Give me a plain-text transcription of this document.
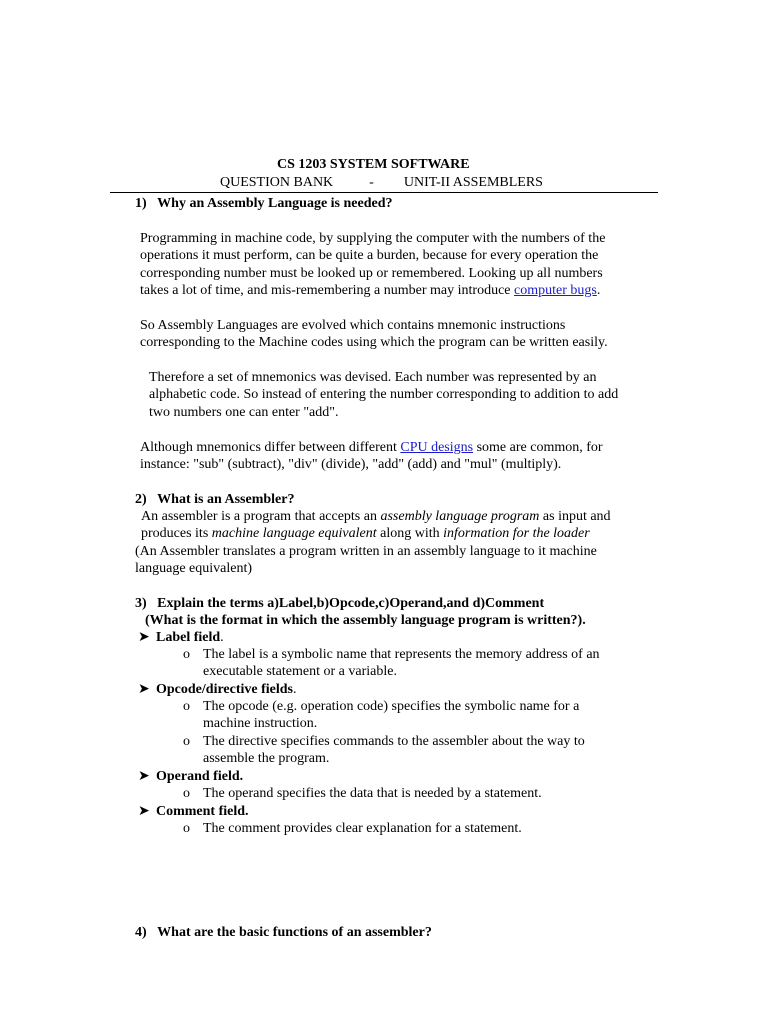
CS 1203 SYSTEM SOFTWARE
QUESTION BANK	- UNIT-II ASSEMBLERS
1) Why an Assembly Language is needed?
Programming in machine code, by supplying the computer with the numbers of the
operations it must perform, can be quite a burden, because for every operation the
corresponding number must be looked up or remembered. Looking up all numbers
takes a lot of time, and mis-remembering a number may introduce computer bugs.
So Assembly Languages are evolved which contains mnemonic instructions
corresponding to the Machine codes using which the program can be written easily.
Therefore a set of mnemonics was devised. Each number was represented by an
alphabetic code. So instead of entering the number corresponding to addition to add
two numbers one can enter "add".
Although mnemonics differ between different CPU designs some are common, for
instance: "sub" (subtract), "div" (divide), "add" (add) and "mul" (multiply).
2) What is an Assembler?
An assembler is a program that accepts an assembly language program as input and
produces its machine language equivalent along with information for the loader
(An Assembler translates a program written in an assembly language to it machine
language equivalent)
3) Explain the terms a)Label,b)Opcode,c)Operand,and d)Comment
(What is the format in which the assembly language program is written?).
➤ Label field.
o The label is a symbolic name that represents the memory address of an
executable statement or a variable.
➤ Opcode/directive fields.
o The opcode (e.g. operation code) specifies the symbolic name for a
machine instruction.
o The directive specifies commands to the assembler about the way to
assemble the program.
➤ Operand field.
o The operand specifies the data that is needed by a statement.
➤ Comment field.
o The comment provides clear explanation for a statement.
4) What are the basic functions of an assembler?
